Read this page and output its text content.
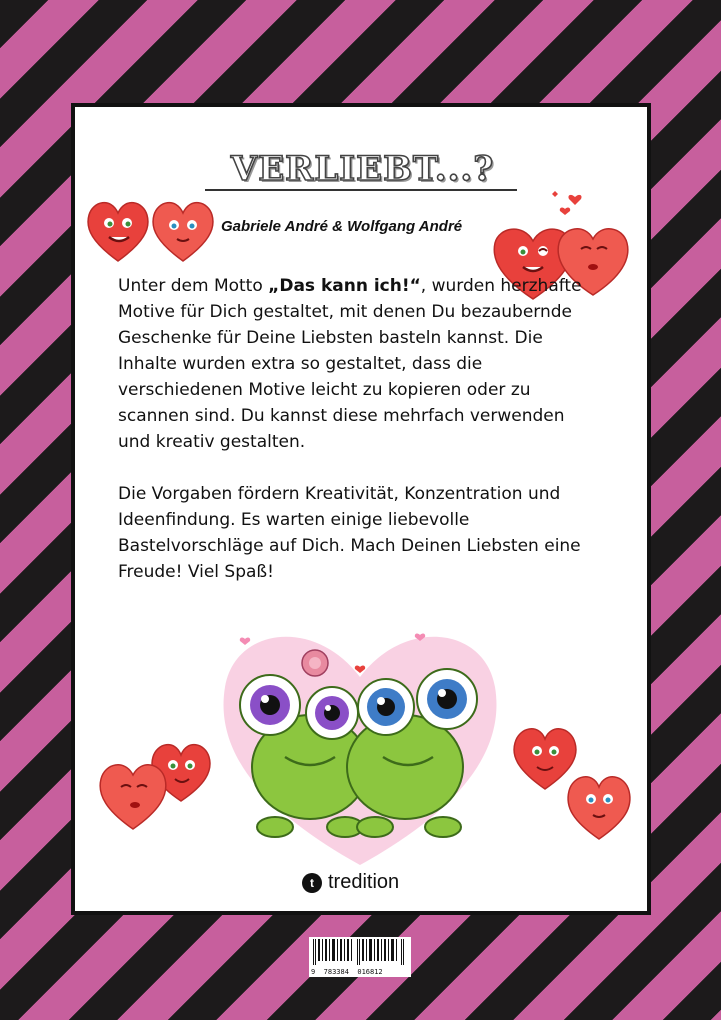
VERLIEBT...?
Gabriele André & Wolfgang André

Unter dem Motto „Das kann ich!“, wurden herzhafte Motive für Dich gestaltet, mit denen Du bezaubernde Geschenke für Deine Liebsten basteln kannst. Die Inhalte wurden extra so gestaltet, dass die verschiedenen Motive leicht zu kopieren oder zu scannen sind. Du kannst diese mehrfach verwenden und kreativ gestalten.

Die Vorgaben fördern Kreativität, Konzentration und Ideenfindung. Es warten einige liebevolle Bastelvorschläge auf Dich. Mach Deinen Liebsten eine Freude! Viel Spaß!

t tredition
9  783384  016812
